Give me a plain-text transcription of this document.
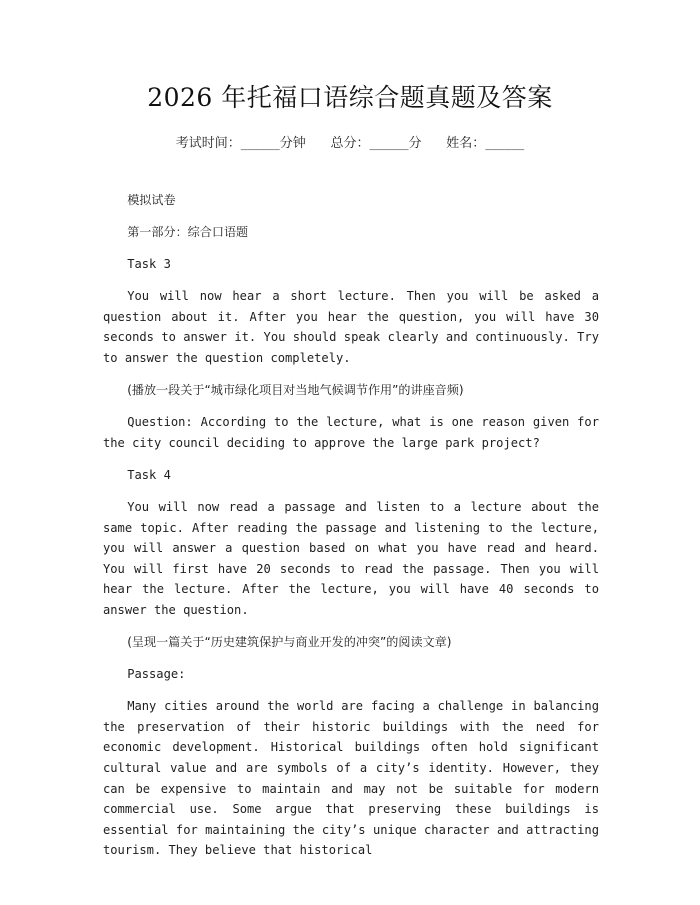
2026 年托福口语综合题真题及答案
考试时间：______分钟      总分：______分      姓名：______

模拟试卷

第一部分：综合口语题

Task 3

You will now hear a short lecture. Then you will be asked a question about it. After you hear the question, you will have 30 seconds to answer it. You should speak clearly and continuously. Try to answer the question completely.

(播放一段关于“城市绿化项目对当地气候调节作用”的讲座音频)

Question: According to the lecture, what is one reason given for the city council deciding to approve the large park project?

Task 4

You will now read a passage and listen to a lecture about the same topic. After reading the passage and listening to the lecture, you will answer a question based on what you have read and heard. You will first have 20 seconds to read the passage. Then you will hear the lecture. After the lecture, you will have 40 seconds to answer the question.

(呈现一篇关于“历史建筑保护与商业开发的冲突”的阅读文章)

Passage:

Many cities around the world are facing a challenge in balancing the preservation of their historic buildings with the need for economic development. Historical buildings often hold significant cultural value and are symbols of a city’s identity. However, they can be expensive to maintain and may not be suitable for modern commercial use. Some argue that preserving these buildings is essential for maintaining the city’s unique character and attracting tourism. They believe that historical
